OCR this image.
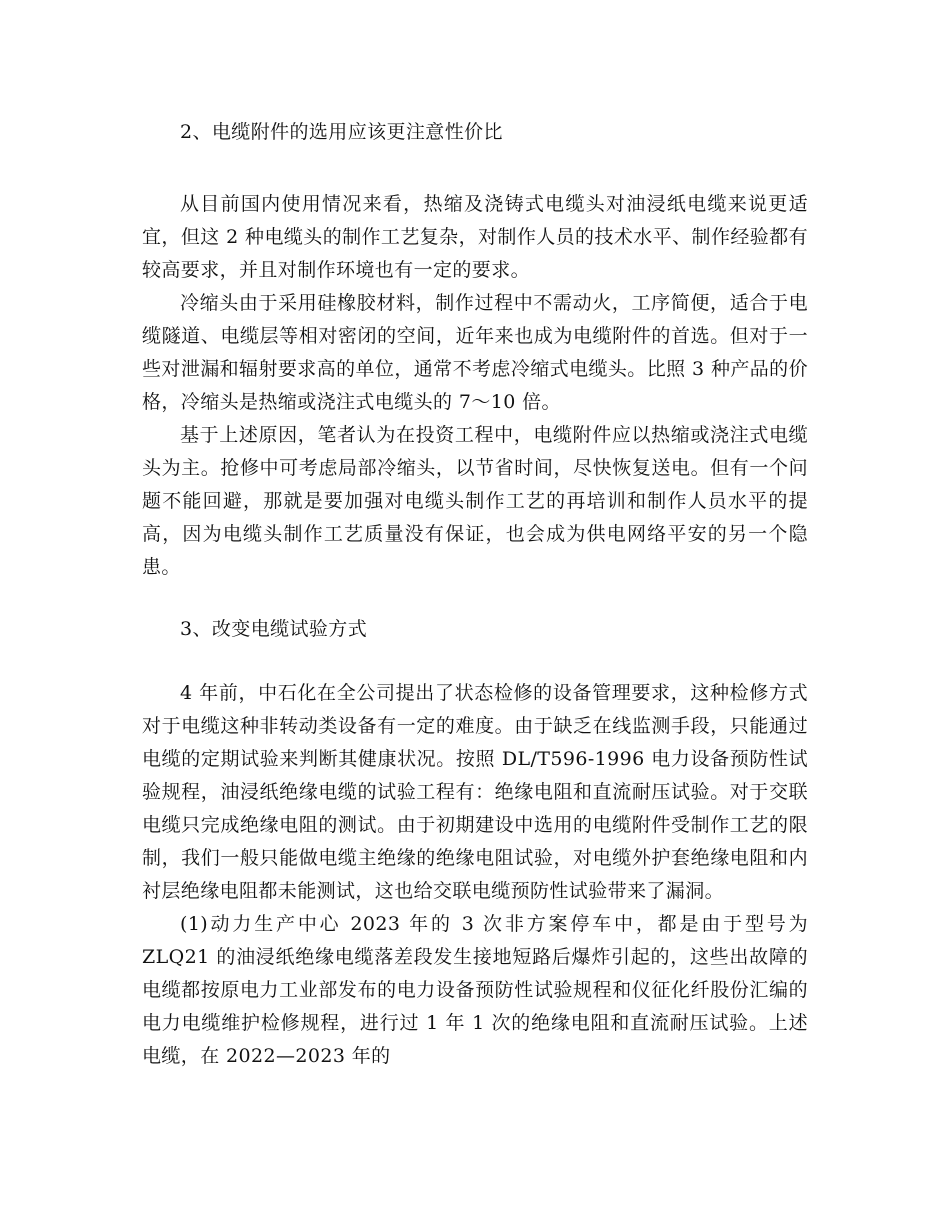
2、电缆附件的选用应该更注意性价比

从目前国内使用情况来看，热缩及浇铸式电缆头对油浸纸电缆来说更适宜，但这 2 种电缆头的制作工艺复杂，对制作人员的技术水平、制作经验都有较高要求，并且对制作环境也有一定的要求。

冷缩头由于采用硅橡胶材料，制作过程中不需动火，工序简便，适合于电缆隧道、电缆层等相对密闭的空间，近年来也成为电缆附件的首选。但对于一些对泄漏和辐射要求高的单位，通常不考虑冷缩式电缆头。比照 3 种产品的价格，冷缩头是热缩或浇注式电缆头的 7～10 倍。

基于上述原因，笔者认为在投资工程中，电缆附件应以热缩或浇注式电缆头为主。抢修中可考虑局部冷缩头，以节省时间，尽快恢复送电。但有一个问题不能回避，那就是要加强对电缆头制作工艺的再培训和制作人员水平的提高，因为电缆头制作工艺质量没有保证，也会成为供电网络平安的另一个隐患。

3、改变电缆试验方式

4 年前，中石化在全公司提出了状态检修的设备管理要求，这种检修方式对于电缆这种非转动类设备有一定的难度。由于缺乏在线监测手段，只能通过电缆的定期试验来判断其健康状况。按照 DL/T596-1996 电力设备预防性试验规程，油浸纸绝缘电缆的试验工程有：绝缘电阻和直流耐压试验。对于交联电缆只完成绝缘电阻的测试。由于初期建设中选用的电缆附件受制作工艺的限制，我们一般只能做电缆主绝缘的绝缘电阻试验，对电缆外护套绝缘电阻和内衬层绝缘电阻都未能测试，这也给交联电缆预防性试验带来了漏洞。

(1)动力生产中心 2023 年的 3 次非方案停车中，都是由于型号为 ZLQ21 的油浸纸绝缘电缆落差段发生接地短路后爆炸引起的，这些出故障的电缆都按原电力工业部发布的电力设备预防性试验规程和仪征化纤股份汇编的电力电缆维护检修规程，进行过 1 年 1 次的绝缘电阻和直流耐压试验。上述电缆，在 2022—2023 年的
